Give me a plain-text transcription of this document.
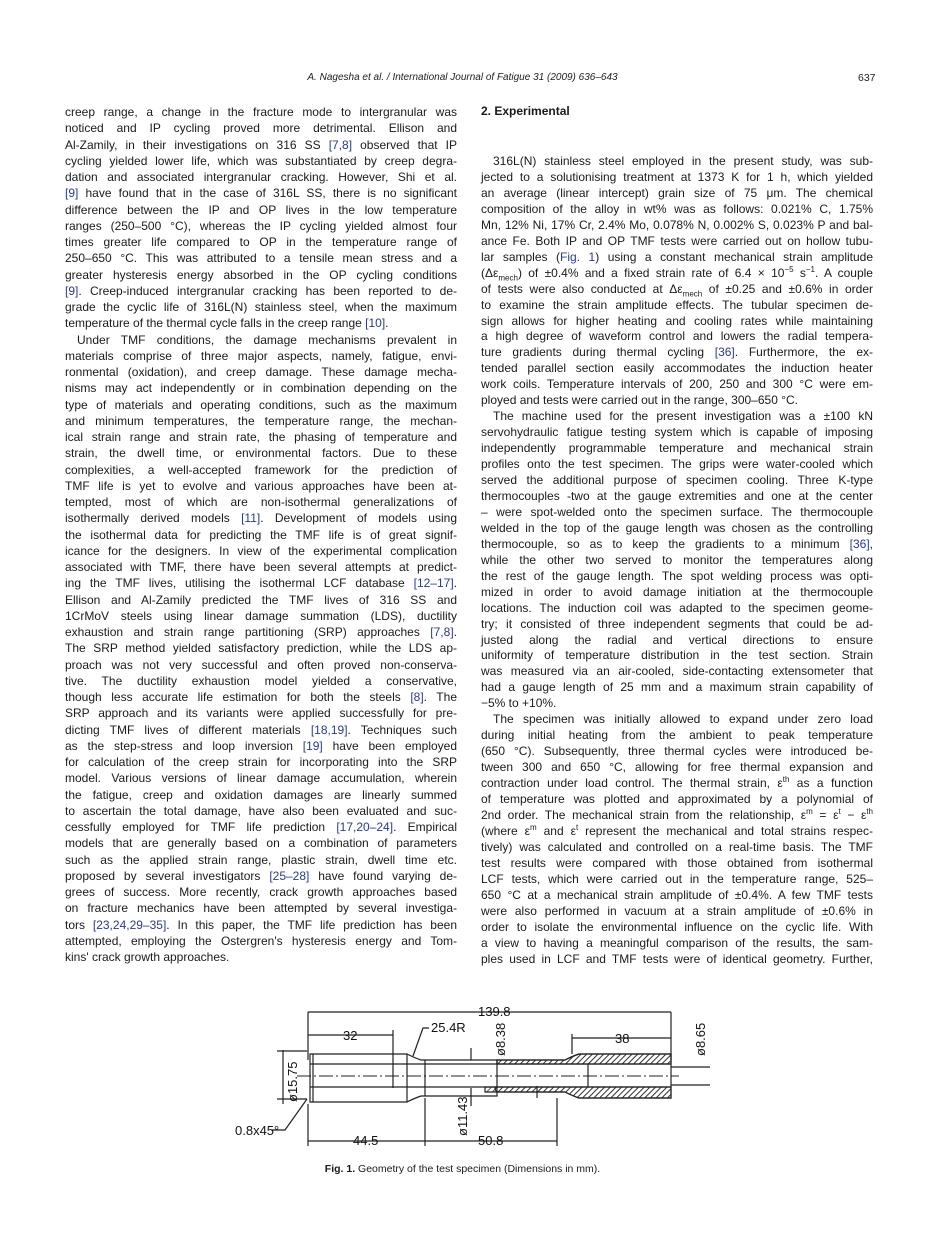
A. Nagesha et al. / International Journal of Fatigue 31 (2009) 636–643	637
creep range, a change in the fracture mode to intergranular was
noticed and IP cycling proved more detrimental. Ellison and
Al-Zamily, in their investigations on 316 SS [7,8] observed that IP
cycling yielded lower life, which was substantiated by creep degra-
dation and associated intergranular cracking. However, Shi et al.
[9] have found that in the case of 316L SS, there is no significant
difference between the IP and OP lives in the low temperature
ranges (250–500 °C), whereas the IP cycling yielded almost four
times greater life compared to OP in the temperature range of
250–650 °C. This was attributed to a tensile mean stress and a
greater hysteresis energy absorbed in the OP cycling conditions
[9]. Creep-induced intergranular cracking has been reported to de-
grade the cyclic life of 316L(N) stainless steel, when the maximum
temperature of the thermal cycle falls in the creep range [10].
Under TMF conditions, the damage mechanisms prevalent in
materials comprise of three major aspects, namely, fatigue, envi-
ronmental (oxidation), and creep damage. These damage mecha-
nisms may act independently or in combination depending on the
type of materials and operating conditions, such as the maximum
and minimum temperatures, the temperature range, the mechan-
ical strain range and strain rate, the phasing of temperature and
strain, the dwell time, or environmental factors. Due to these
complexities, a well-accepted framework for the prediction of
TMF life is yet to evolve and various approaches have been at-
tempted, most of which are non-isothermal generalizations of
isothermally derived models [11]. Development of models using
the isothermal data for predicting the TMF life is of great signif-
icance for the designers. In view of the experimental complication
associated with TMF, there have been several attempts at predict-
ing the TMF lives, utilising the isothermal LCF database [12–17].
Ellison and Al-Zamily predicted the TMF lives of 316 SS and
1CrMoV steels using linear damage summation (LDS), ductility
exhaustion and strain range partitioning (SRP) approaches [7,8].
The SRP method yielded satisfactory prediction, while the LDS ap-
proach was not very successful and often proved non-conserva-
tive. The ductility exhaustion model yielded a conservative,
though less accurate life estimation for both the steels [8]. The
SRP approach and its variants were applied successfully for pre-
dicting TMF lives of different materials [18,19]. Techniques such
as the step-stress and loop inversion [19] have been employed
for calculation of the creep strain for incorporating into the SRP
model. Various versions of linear damage accumulation, wherein
the fatigue, creep and oxidation damages are linearly summed
to ascertain the total damage, have also been evaluated and suc-
cessfully employed for TMF life prediction [17,20–24]. Empirical
models that are generally based on a combination of parameters
such as the applied strain range, plastic strain, dwell time etc.
proposed by several investigators [25–28] have found varying de-
grees of success. More recently, crack growth approaches based
on fracture mechanics have been attempted by several investiga-
tors [23,24,29–35]. In this paper, the TMF life prediction has been
attempted, employing the Ostergren's hysteresis energy and Tom-
kins' crack growth approaches.
2. Experimental
316L(N) stainless steel employed in the present study, was sub-
jected to a solutionising treatment at 1373 K for 1 h, which yielded
an average (linear intercept) grain size of 75 μm. The chemical
composition of the alloy in wt% was as follows: 0.021% C, 1.75%
Mn, 12% Ni, 17% Cr, 2.4% Mo, 0.078% N, 0.002% S, 0.023% P and bal-
ance Fe. Both IP and OP TMF tests were carried out on hollow tubu-
lar samples (Fig. 1) using a constant mechanical strain amplitude
$(\Delta\varepsilon_{mech})$ of ±0.4% and a fixed strain rate of $6.4 \times 10^{-5}$ $s^{-1}$. A couple
of tests were also conducted at $\Delta\varepsilon_{mech}$ of ±0.25 and ±0.6% in order
to examine the strain amplitude effects. The tubular specimen de-
sign allows for higher heating and cooling rates while maintaining
a high degree of waveform control and lowers the radial tempera-
ture gradients during thermal cycling [36]. Furthermore, the ex-
tended parallel section easily accommodates the induction heater
work coils. Temperature intervals of 200, 250 and 300 °C were em-
ployed and tests were carried out in the range, 300–650 °C.
The machine used for the present investigation was a ±100 kN
servohydraulic fatigue testing system which is capable of imposing
independently programmable temperature and mechanical strain
profiles onto the test specimen. The grips were water-cooled which
served the additional purpose of specimen cooling. Three K-type
thermocouples -two at the gauge extremities and one at the center
– were spot-welded onto the specimen surface. The thermocouple
welded in the top of the gauge length was chosen as the controlling
thermocouple, so as to keep the gradients to a minimum [36],
while the other two served to monitor the temperatures along
the rest of the gauge length. The spot welding process was opti-
mized in order to avoid damage initiation at the thermocouple
locations. The induction coil was adapted to the specimen geome-
try; it consisted of three independent segments that could be ad-
justed along the radial and vertical directions to ensure
uniformity of temperature distribution in the test section. Strain
was measured via an air-cooled, side-contacting extensometer that
had a gauge length of 25 mm and a maximum strain capability of
−5% to +10%.
The specimen was initially allowed to expand under zero load
during initial heating from the ambient to peak temperature
(650 °C). Subsequently, three thermal cycles were introduced be-
tween 300 and 650 °C, allowing for free thermal expansion and
contraction under load control. The thermal strain, $\varepsilon^{th}$ as a function
of temperature was plotted and approximated by a polynomial of
2nd order. The mechanical strain from the relationship, $\varepsilon^m = \varepsilon^t - \varepsilon^{th}$
(where $\varepsilon^m$ and $\varepsilon^t$ represent the mechanical and total strains respec-
tively) was calculated and controlled on a real-time basis. The TMF
test results were compared with those obtained from isothermal
LCF tests, which were carried out in the temperature range, 525–
650 °C at a mechanical strain amplitude of ±0.4%. A few TMF tests
were also performed in vacuum at a strain amplitude of ±0.6% in
order to isolate the environmental influence on the cyclic life. With
a view to having a meaningful comparison of the results, the sam-
ples used in LCF and TMF tests were of identical geometry. Further,
139.8
32
25.4R
38
ø8.38	ø8.65
ø15.75
ø11.43
0.8x45°
44.5	50.8
Fig. 1. Geometry of the test specimen (Dimensions in mm).
